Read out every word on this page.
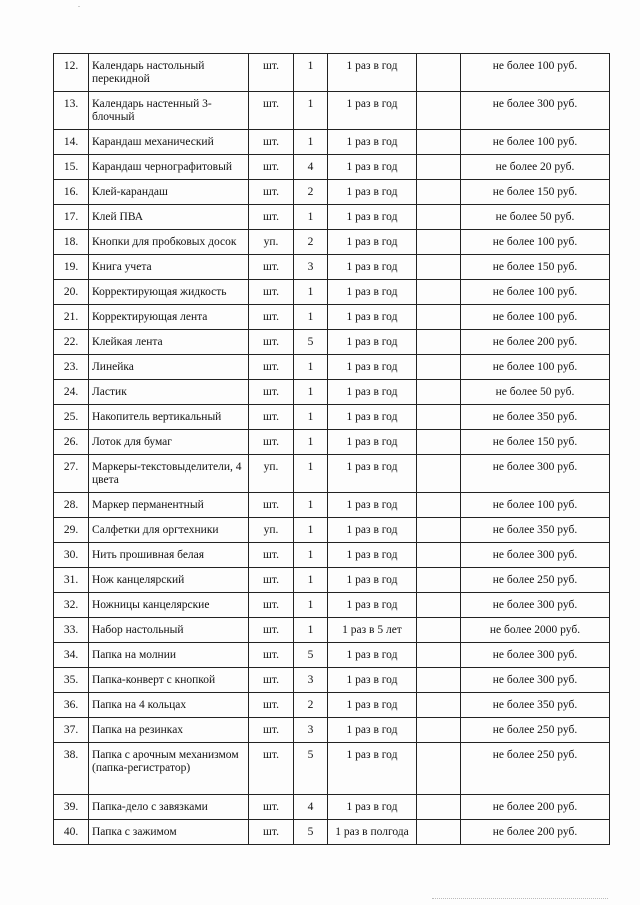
12.	Календарь настольный перекидной	шт.	1	1 раз в год		не более 100 руб.
13.	Календарь настенный 3-блочный	шт.	1	1 раз в год		не более 300 руб.
14.	Карандаш механический	шт.	1	1 раз в год		не более 100 руб.
15.	Карандаш чернографитовый	шт.	4	1 раз в год		не более 20 руб.
16.	Клей-карандаш	шт.	2	1 раз в год		не более 150 руб.
17.	Клей ПВА	шт.	1	1 раз в год		не более 50 руб.
18.	Кнопки для пробковых досок	уп.	2	1 раз в год		не более 100 руб.
19.	Книга учета	шт.	3	1 раз в год		не более 150 руб.
20.	Корректирующая жидкость	шт.	1	1 раз в год		не более 100 руб.
21.	Корректирующая лента	шт.	1	1 раз в год		не более 100 руб.
22.	Клейкая лента	шт.	5	1 раз в год		не более 200 руб.
23.	Линейка	шт.	1	1 раз в год		не более 100 руб.
24.	Ластик	шт.	1	1 раз в год		не более 50 руб.
25.	Накопитель вертикальный	шт.	1	1 раз в год		не более 350 руб.
26.	Лоток для бумаг	шт.	1	1 раз в год		не более 150 руб.
27.	Маркеры-текстовыделители, 4 цвета	уп.	1	1 раз в год		не более 300 руб.
28.	Маркер перманентный	шт.	1	1 раз в год		не более 100 руб.
29.	Салфетки для оргтехники	уп.	1	1 раз в год		не более 350 руб.
30.	Нить прошивная белая	шт.	1	1 раз в год		не более 300 руб.
31.	Нож канцелярский	шт.	1	1 раз в год		не более 250 руб.
32.	Ножницы канцелярские	шт.	1	1 раз в год		не более 300 руб.
33.	Набор настольный	шт.	1	1 раз в 5 лет		не более 2000 руб.
34.	Папка на молнии	шт.	5	1 раз в год		не более 300 руб.
35.	Папка-конверт с кнопкой	шт.	3	1 раз в год		не более 300 руб.
36.	Папка на 4 кольцах	шт.	2	1 раз в год		не более 350 руб.
37.	Папка на резинках	шт.	3	1 раз в год		не более 250 руб.
38.	Папка с арочным механизмом (папка-регистратор)	шт.	5	1 раз в год		не более 250 руб.
39.	Папка-дело с завязками	шт.	4	1 раз в год		не более 200 руб.
40.	Папка с зажимом	шт.	5	1 раз в полгода		не более 200 руб.
